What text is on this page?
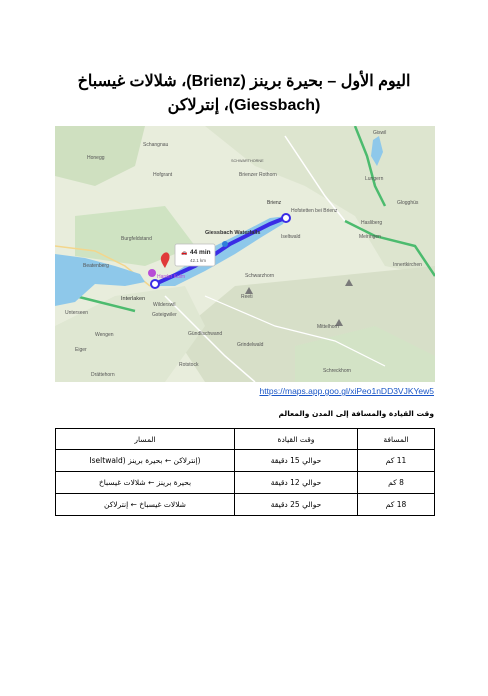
اليوم الأول – بحيرة برينز (Brienz)، شلالات غيسباخ
(Giessbach)، إنترلاكن
🚗 44 min
42.1 km
Schangnau
Honegg
Hofgrant
Burgfeldstand
Beatenberg
Wilderswil
Gsteigwiler
Hofstetten bei Brienz
Meiringen
Hasliberg
Schwarzhorn
Mittelhorn
Grindelwald
Gündlischwand
Iseltwald
Schreckhorn
Drättehorn
Unterseen
Reeti
Lungern
Giswil
Brienzer Rothorn
SCHWARTHORNE
Innertkirchen
Glogghüs
Eiger
Wengen
Rotstock
Giessbach Waterfalls
Brienz
Harder Kulm
Interlaken
https://maps.app.goo.gl/xiPeo1nDD3VJKYew5
وقت القيادة والمسافة إلى المدن والمعالم
المسافة	وقت القيادة	المسار
11 كم	حوالي 15 دقيقة	(إنترلاكن ← بحيرة برينز (Iseltwald
8 كم	حوالي 12 دقيقة	بحيرة برينز ← شلالات غيسباخ
18 كم	حوالي 25 دقيقة	شلالات غيسباخ ← إنترلاكن
